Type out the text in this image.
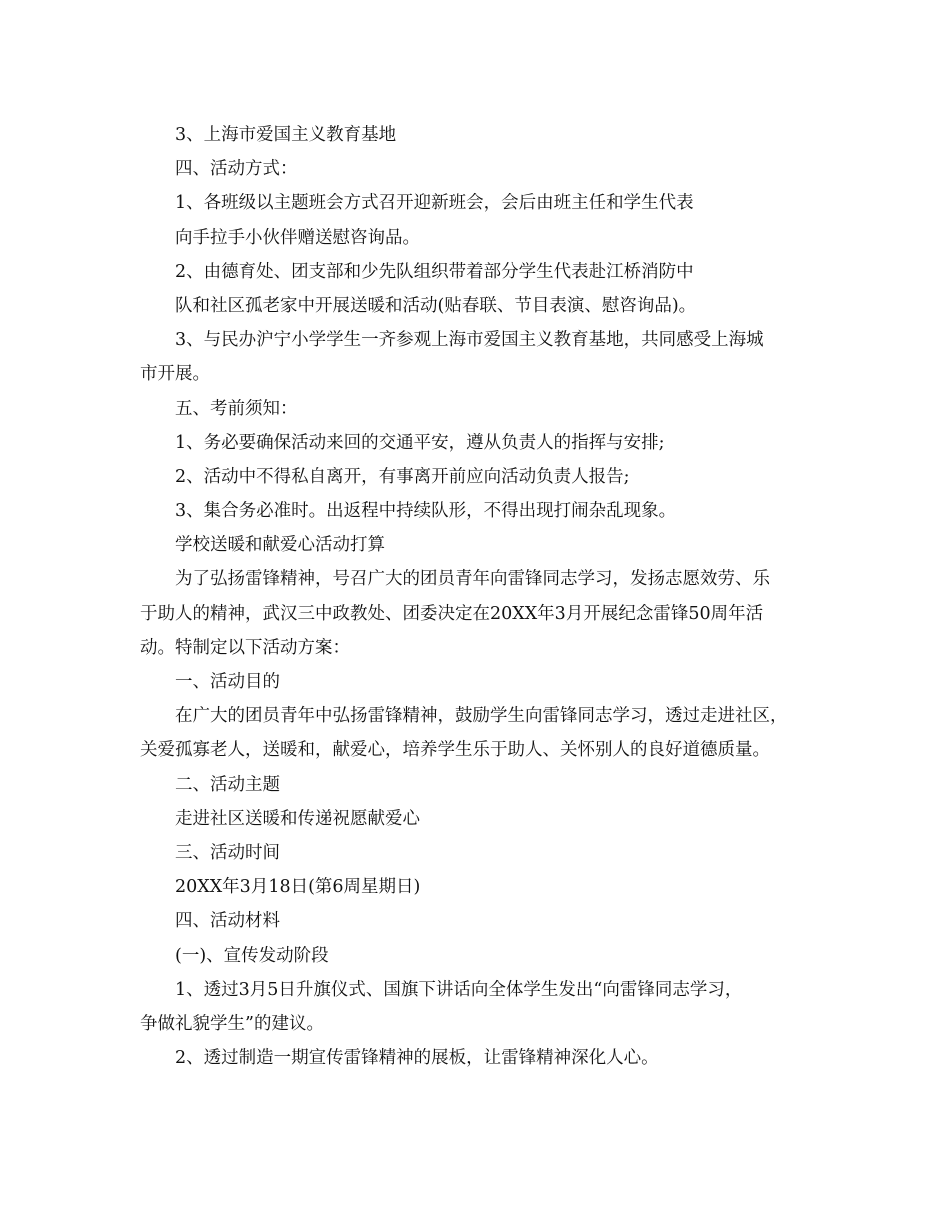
3、上海市爱国主义教育基地
四、活动方式：
1、各班级以主题班会方式召开迎新班会，会后由班主任和学生代表
向手拉手小伙伴赠送慰咨询品。
2、由德育处、团支部和少先队组织带着部分学生代表赴江桥消防中
队和社区孤老家中开展送暖和活动(贴春联、节目表演、慰咨询品)。
3、与民办沪宁小学学生一齐参观上海市爱国主义教育基地，共同感受上海城
市开展。
五、考前须知：
1、务必要确保活动来回的交通平安，遵从负责人的指挥与安排;
2、活动中不得私自离开，有事离开前应向活动负责人报告;
3、集合务必准时。出返程中持续队形，不得出现打闹杂乱现象。
学校送暖和献爱心活动打算
为了弘扬雷锋精神，号召广大的团员青年向雷锋同志学习，发扬志愿效劳、乐
于助人的精神，武汉三中政教处、团委决定在20XX年3月开展纪念雷锋50周年活
动。特制定以下活动方案：
一、活动目的
在广大的团员青年中弘扬雷锋精神，鼓励学生向雷锋同志学习，透过走进社区，
关爱孤寡老人，送暖和，献爱心，培养学生乐于助人、关怀别人的良好道德质量。
二、活动主题
走进社区送暖和传递祝愿献爱心
三、活动时间
20XX年3月18日(第6周星期日)
四、活动材料
(一)、宣传发动阶段
1、透过3月5日升旗仪式、国旗下讲话向全体学生发出“向雷锋同志学习，
争做礼貌学生”的建议。
2、透过制造一期宣传雷锋精神的展板，让雷锋精神深化人心。
